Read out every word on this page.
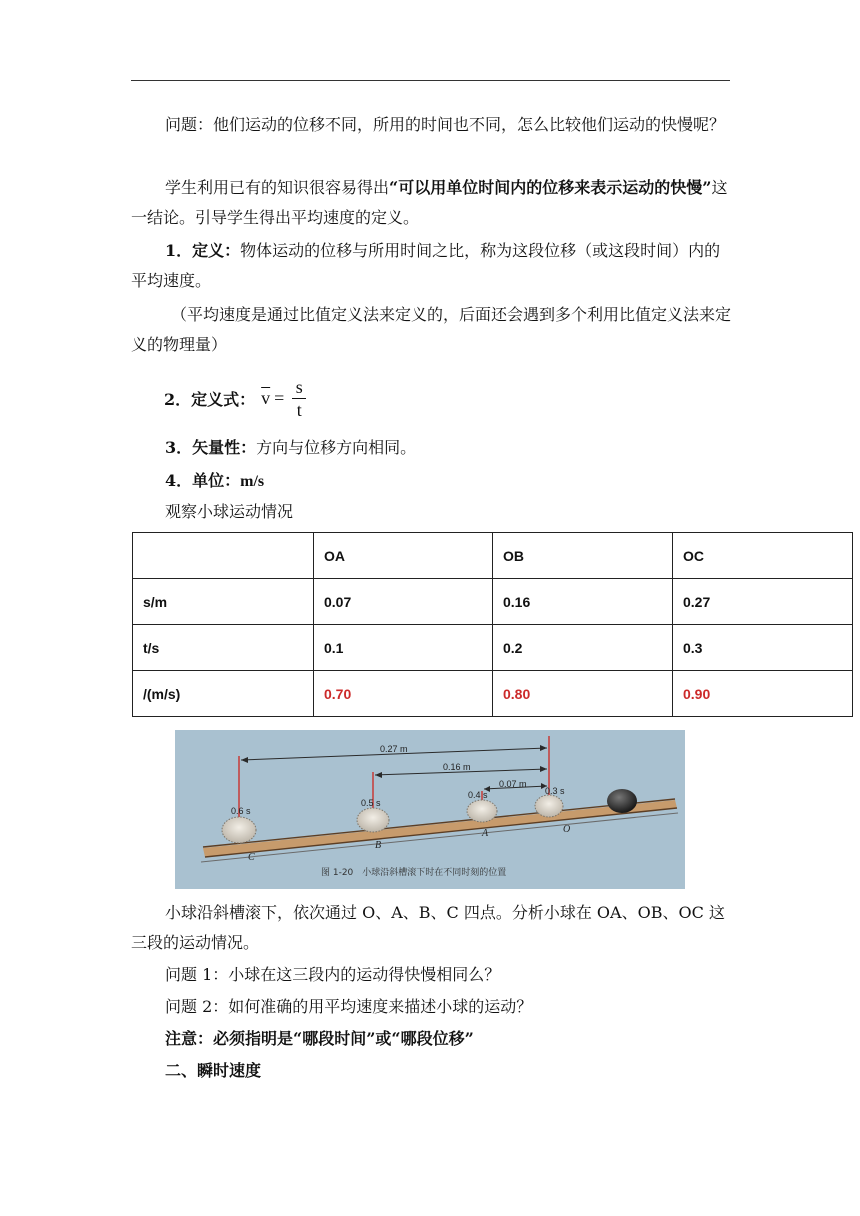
问题：他们运动的位移不同，所用的时间也不同，怎么比较他们运动的快慢呢？

学生利用已有的知识很容易得出“可以用单位时间内的位移来表示运动的快慢”这一结论。引导学生得出平均速度的定义。

1．定义：物体运动的位移与所用时间之比，称为这段位移（或这段时间）内的平均速度。

（平均速度是通过比值定义法来定义的，后面还会遇到多个利用比值定义法来定义的物理量）

2． 定义式： $\overline{v} = \frac{s}{t}$

3．矢量性：方向与位移方向相同。

4．单位：m/s

观察小球运动情况

	OA	OB	OC
s/m	0.07	0.16	0.27
t/s	0.1	0.2	0.3
/(m/s)	0.70	0.80	0.90
0.27 m
0.16 m
0.07 m
0.6 s
0.5 s
0.4 s	0.3 s
C
B
A	O
图 1-20　小球沿斜槽滚下时在不同时刻的位置

小球沿斜槽滚下，依次通过 O、A、B、C 四点。分析小球在 OA、OB、OC 这三段的运动情况。

问题 1：小球在这三段内的运动得快慢相同么？

问题 2：如何准确的用平均速度来描述小球的运动？

注意：必须指明是“哪段时间”或“哪段位移”

二、瞬时速度
